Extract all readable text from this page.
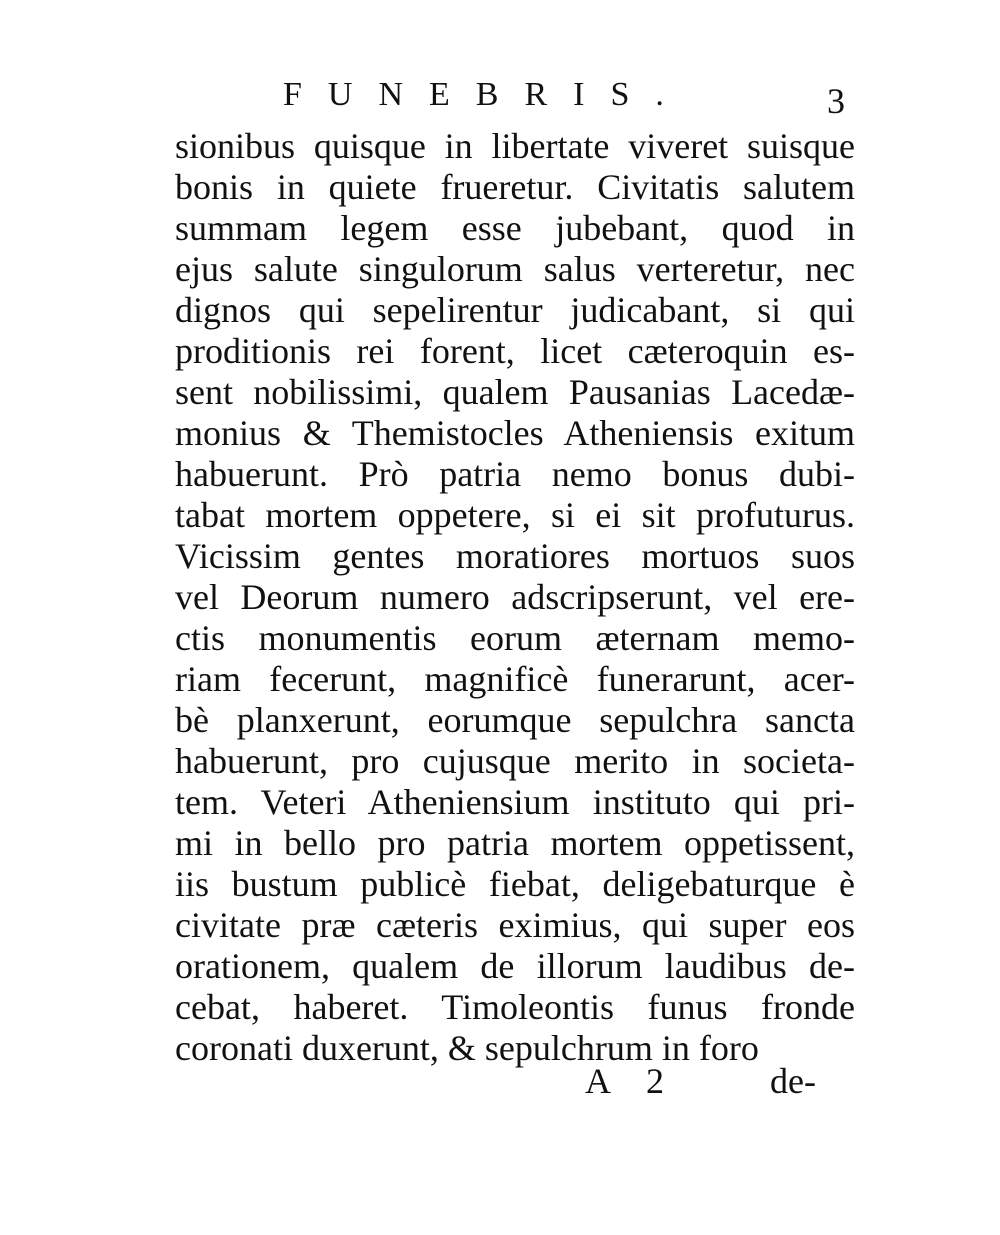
FUNEBRIS.	3
sionibus quisque in libertate viveret suisque
bonis in quiete frueretur. Civitatis salutem
summam legem esse jubebant, quod in
ejus salute singulorum salus verteretur, nec
dignos qui sepelirentur judicabant, si qui
proditionis rei forent, licet cæteroquin es-
sent nobilissimi, qualem Pausanias Lacedæ-
monius & Themistocles Atheniensis exitum
habuerunt. Prò patria nemo bonus dubi-
tabat mortem oppetere, si ei sit profuturus.
Vicissim gentes moratiores mortuos suos
vel Deorum numero adscripserunt, vel ere-
ctis monumentis eorum æternam memo-
riam fecerunt, magnificè funerarunt, acer-
bè planxerunt, eorumque sepulchra sancta
habuerunt, pro cujusque merito in societa-
tem. Veteri Atheniensium instituto qui pri-
mi in bello pro patria mortem oppetissent,
iis bustum publicè fiebat, deligebaturque è
civitate præ cæteris eximius, qui super eos
orationem, qualem de illorum laudibus de-
cebat, haberet. Timoleontis funus fronde
coronati duxerunt, & sepulchrum in foro
A 2	de-
